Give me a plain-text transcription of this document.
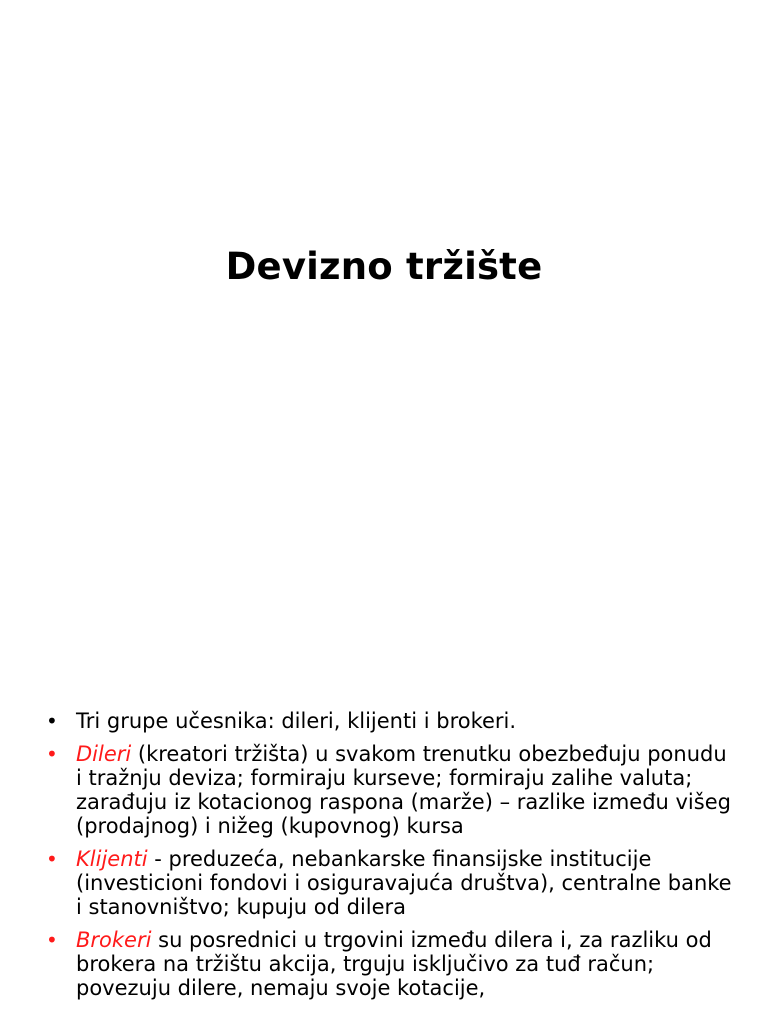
Devizno tržište
• Tri grupe učesnika: dileri, klijenti i brokeri.
• Dileri (kreatori tržišta) u svakom trenutku obezbeđuju ponudu i tražnju deviza; formiraju kurseve; formiraju zalihe valuta; zarađuju iz kotacionog raspona (marže) – razlike između višeg (prodajnog) i nižeg (kupovnog) kursa
• Klijenti - preduzeća, nebankarske finansijske institucije (investicioni fondovi i osiguravajuća društva), centralne banke i stanovništvo; kupuju od dilera
• Brokeri su posrednici u trgovini između dilera i, za razliku od brokera na tržištu akcija, trguju isključivo za tuđ račun; povezuju dilere, nemaju svoje kotacije,
